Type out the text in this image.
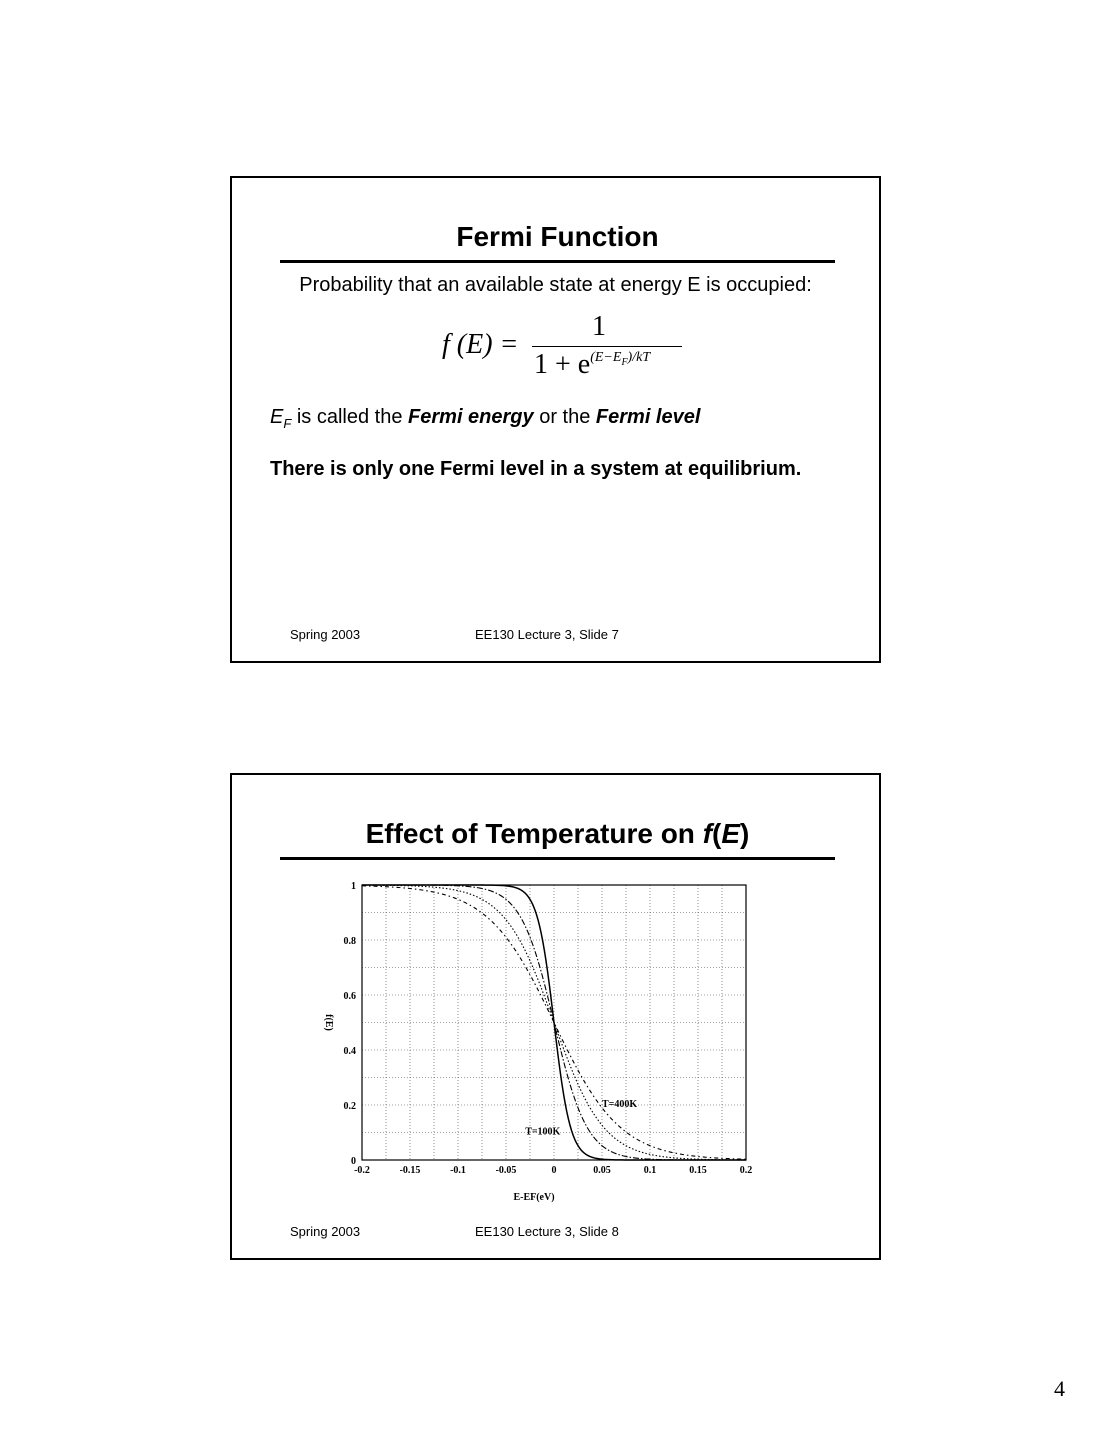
Fermi Function
Probability that an available state at energy E is occupied:
f (E) =
1
$1 + e^{(E-E_F)/kT}$
$E_F$ is called the Fermi energy or the Fermi level
There is only one Fermi level in a system at equilibrium.
Spring 2003	EE130 Lecture 3, Slide 7
Effect of Temperature on f(E)
-0.2	-0.15	-0.1	-0.05	0	0.05	0.1	0.15	0.2
0
0.2
0.4
0.6
0.8
1
E-EF(eV)
f(E)
T=400K
T=100K
Spring 2003	EE130 Lecture 3, Slide 8
4
